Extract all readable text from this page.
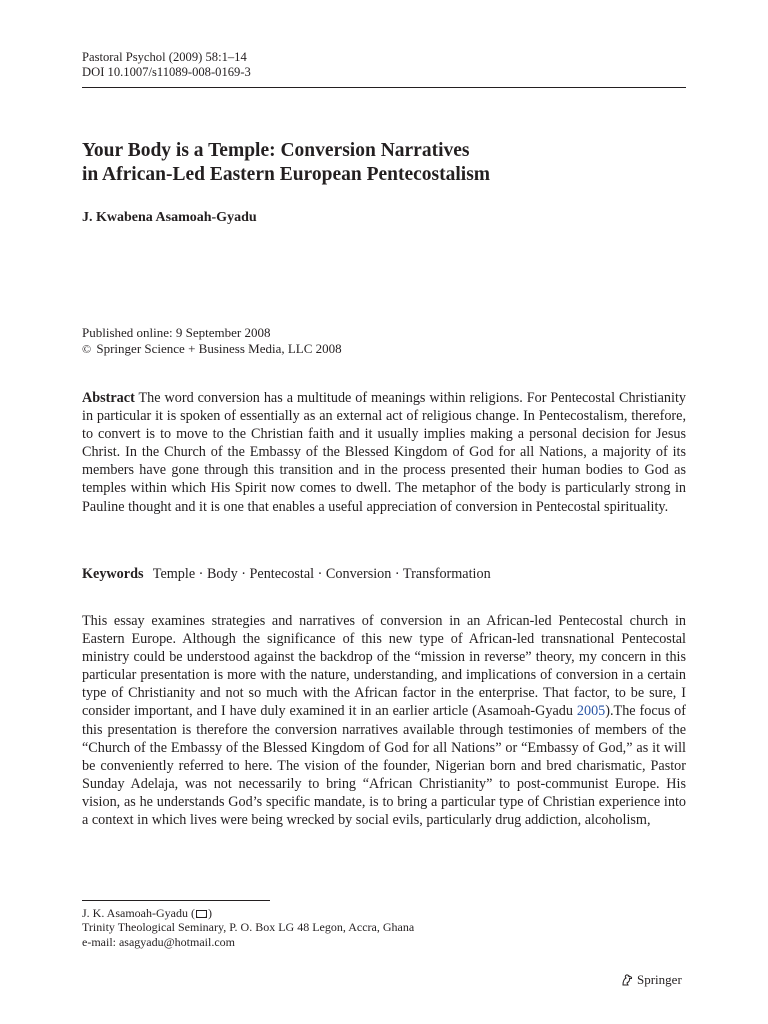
Pastoral Psychol (2009) 58:1–14
DOI 10.1007/s11089-008-0169-3
Your Body is a Temple: Conversion Narratives
in African-Led Eastern European Pentecostalism
J. Kwabena Asamoah-Gyadu
Published online: 9 September 2008
© Springer Science + Business Media, LLC 2008
Abstract The word conversion has a multitude of meanings within religions. For Pentecostal Christianity in particular it is spoken of essentially as an external act of religious change. In Pentecostalism, therefore, to convert is to move to the Christian faith and it usually implies making a personal decision for Jesus Christ. In the Church of the Embassy of the Blessed Kingdom of God for all Nations, a majority of its members have gone through this transition and in the process presented their human bodies to God as temples within which His Spirit now comes to dwell. The metaphor of the body is particularly strong in Pauline thought and it is one that enables a useful appreciation of conversion in Pentecostal spirituality.
Keywords Temple · Body · Pentecostal · Conversion · Transformation
This essay examines strategies and narratives of conversion in an African-led Pentecostal church in Eastern Europe. Although the significance of this new type of African-led transnational Pentecostal ministry could be understood against the backdrop of the “mission in reverse” theory, my concern in this particular presentation is more with the nature, understanding, and implications of conversion in a certain type of Christianity and not so much with the African factor in the enterprise. That factor, to be sure, I consider important, and I have duly examined it in an earlier article (Asamoah-Gyadu 2005).The focus of this presentation is therefore the conversion narratives available through testimonies of members of the “Church of the Embassy of the Blessed Kingdom of God for all Nations” or “Embassy of God,” as it will be conveniently referred to here. The vision of the founder, Nigerian born and bred charismatic, Pastor Sunday Adelaja, was not necessarily to bring “African Christianity” to post-communist Europe. His vision, as he understands God’s specific mandate, is to bring a particular type of Christian experience into a context in which lives were being wrecked by social evils, particularly drug addiction, alcoholism,
J. K. Asamoah-Gyadu ( )
Trinity Theological Seminary, P. O. Box LG 48 Legon, Accra, Ghana
e-mail: asagyadu@hotmail.com
Springer
